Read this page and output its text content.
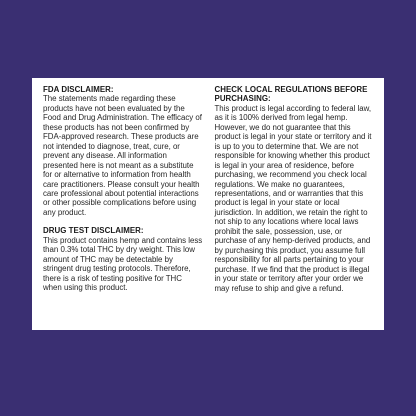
FDA DISCLAIMER:

The statements made regarding these products have not been evaluated by the Food and Drug Administration. The efficacy of these products has not been confirmed by FDA-approved research. These products are not intended to diagnose, treat, cure, or prevent any disease. All information presented here is not meant as a substitute for or alternative to information from health care practitioners. Please consult your health care professional about potential interactions or other possible complications before using any product.

DRUG TEST DISCLAIMER:

This product contains hemp and contains less than 0.3% total THC by dry weight. This low amount of THC may be detectable by stringent drug testing protocols. Therefore, there is a risk of testing positive for THC when using this product.

CHECK LOCAL REGULATIONS BEFORE PURCHASING:

This product is legal according to federal law, as it is 100% derived from legal hemp. However, we do not guarantee that this product is legal in your state or territory and it is up to you to determine that. We are not responsible for knowing whether this product is legal in your area of residence, before purchasing, we recommend you check local regulations. We make no guarantees, representations, and or warranties that this product is legal in your state or local jurisdiction. In addition, we retain the right to not ship to any locations where local laws prohibit the sale, possession, use, or purchase of any hemp-derived products, and by purchasing this product, you assume full responsibility for all parts pertaining to your purchase. If we find that the product is illegal in your state or territory after your order we may refuse to ship and give a refund.
